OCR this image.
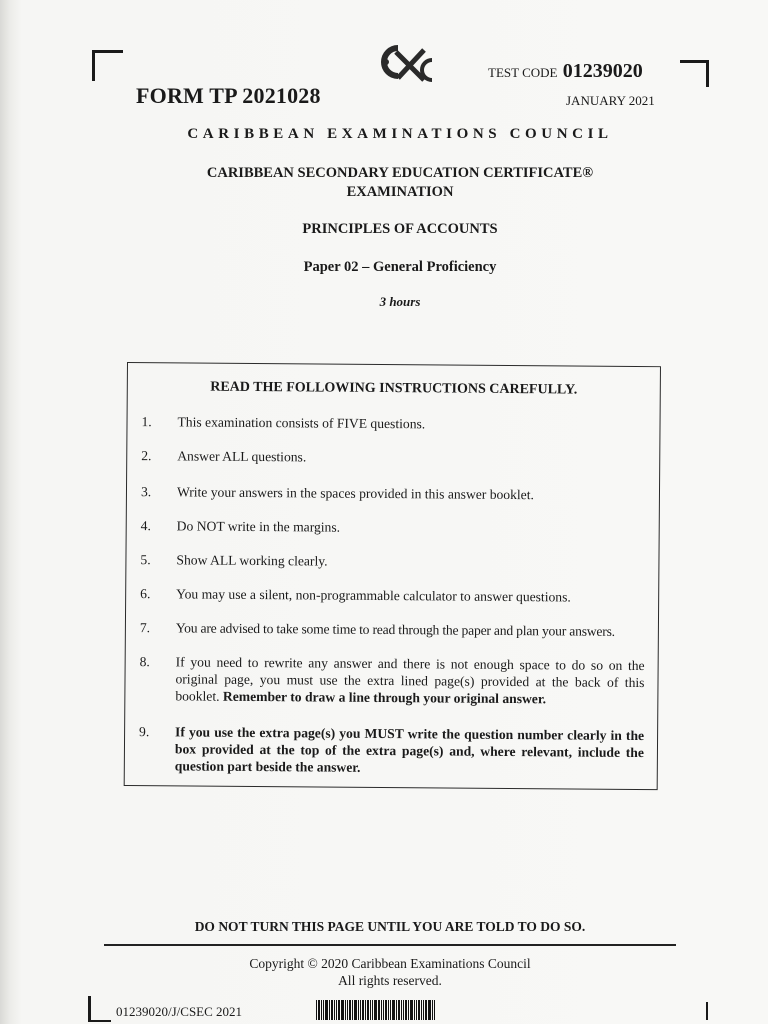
FORM TP 2021028
TEST CODE 01239020
JANUARY 2021
CARIBBEAN EXAMINATIONS COUNCIL
CARIBBEAN SECONDARY EDUCATION CERTIFICATE®
EXAMINATION
PRINCIPLES OF ACCOUNTS
Paper 02 – General Proficiency
3 hours
READ THE FOLLOWING INSTRUCTIONS CAREFULLY.
1.	This examination consists of FIVE questions.
2.	Answer ALL questions.
3.	Write your answers in the spaces provided in this answer booklet.
4.	Do NOT write in the margins.
5.	Show ALL working clearly.
6.	You may use a silent, non-programmable calculator to answer questions.
7.	You are advised to take some time to read through the paper and plan your answers.
8.	If you need to rewrite any answer and there is not enough space to do so on the original page, you must use the extra lined page(s) provided at the back of this booklet. Remember to draw a line through your original answer.
9.	If you use the extra page(s) you MUST write the question number clearly in the box provided at the top of the extra page(s) and, where relevant, include the question part beside the answer.
DO NOT TURN THIS PAGE UNTIL YOU ARE TOLD TO DO SO.
Copyright © 2020 Caribbean Examinations Council
All rights reserved.
01239020/J/CSEC 2021
